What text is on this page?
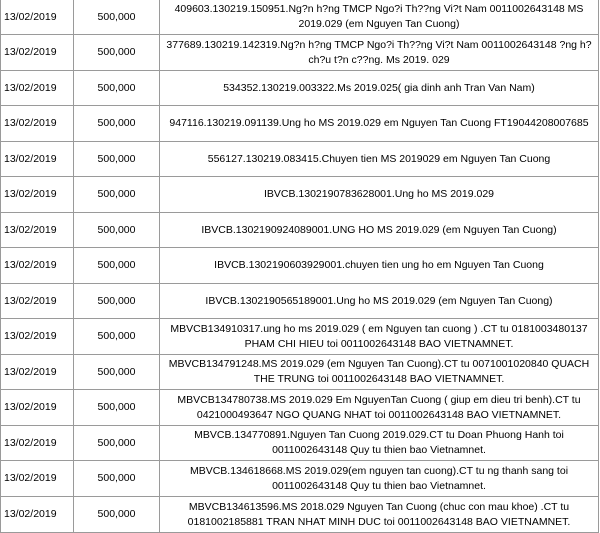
13/02/2019	500,000	409603.130219.150951.Ng?n h?ng TMCP Ngo?i Th??ng Vi?t Nam 0011002643148 MS 2019.029 (em Nguyen Tan Cuong)
13/02/2019	500,000	377689.130219.142319.Ng?n h?ng TMCP Ngo?i Th??ng Vi?t Nam 0011002643148 ?ng h? ch?u t?n c??ng. Ms 2019. 029
13/02/2019	500,000	534352.130219.003322.Ms 2019.025( gia dinh anh Tran Van Nam)
13/02/2019	500,000	947116.130219.091139.Ung ho MS 2019.029 em Nguyen Tan Cuong FT19044208007685
13/02/2019	500,000	556127.130219.083415.Chuyen tien MS 2019029 em Nguyen Tan Cuong
13/02/2019	500,000	IBVCB.1302190783628001.Ung ho MS 2019.029
13/02/2019	500,000	IBVCB.1302190924089001.UNG HO MS 2019.029 (em Nguyen Tan Cuong)
13/02/2019	500,000	IBVCB.1302190603929001.chuyen tien ung ho em Nguyen Tan Cuong
13/02/2019	500,000	IBVCB.1302190565189001.Ung ho MS 2019.029 (em Nguyen Tan Cuong)
13/02/2019	500,000	MBVCB134910317.ung ho ms 2019.029 ( em Nguyen tan cuong ) .CT tu 0181003480137 PHAM CHI HIEU toi 0011002643148 BAO VIETNAMNET.
13/02/2019	500,000	MBVCB134791248.MS 2019.029 (em Nguyen Tan Cuong).CT tu 0071001020840 QUACH THE TRUNG toi 0011002643148 BAO VIETNAMNET.
13/02/2019	500,000	MBVCB134780738.MS 2019.029 Em NguyenTan Cuong ( giup em dieu tri benh).CT tu 0421000493647 NGO QUANG NHAT toi 0011002643148 BAO VIETNAMNET.
13/02/2019	500,000	MBVCB.134770891.Nguyen Tan Cuong 2019.029.CT tu Doan Phuong Hanh toi 0011002643148 Quy tu thien bao Vietnamnet.
13/02/2019	500,000	MBVCB.134618668.MS 2019.029(em nguyen tan cuong).CT tu ng thanh sang toi 0011002643148 Quy tu thien bao Vietnamnet.
13/02/2019	500,000	MBVCB134613596.MS 2018.029 Nguyen Tan Cuong (chuc con mau khoe) .CT tu 0181002185881 TRAN NHAT MINH DUC toi 0011002643148 BAO VIETNAMNET.
